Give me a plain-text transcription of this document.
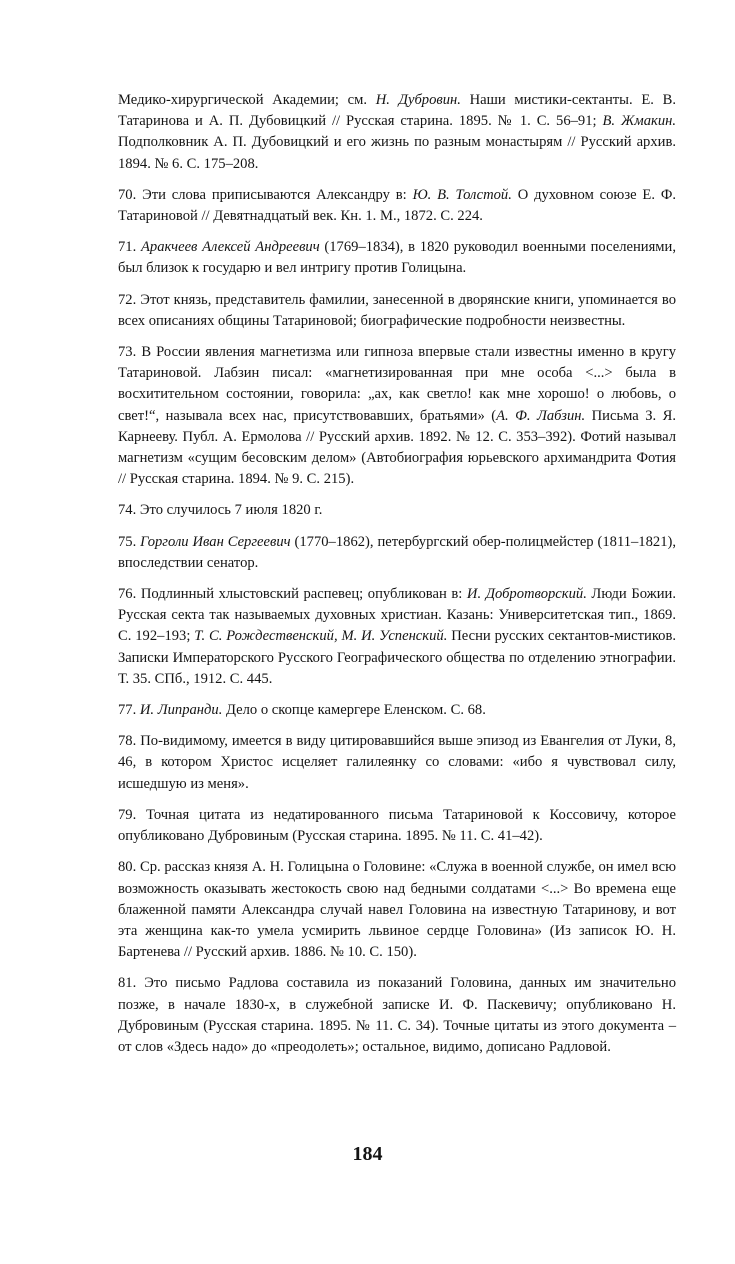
Медико-хирургической Академии; см. Н. Дубровин. Наши мистики-сектанты. Е. В. Татаринова и А. П. Дубовицкий // Русская старина. 1895. № 1. С. 56–91; В. Жмакин. Подполковник А. П. Дубовицкий и его жизнь по разным монастырям // Русский архив. 1894. № 6. С. 175–208.

70. Эти слова приписываются Александру в: Ю. В. Толстой. О духовном союзе Е. Ф. Татариновой // Девятнадцатый век. Кн. 1. М., 1872. С. 224.

71. Аракчеев Алексей Андреевич (1769–1834), в 1820 руководил военными поселениями, был близок к государю и вел интригу против Голицына.

72. Этот князь, представитель фамилии, занесенной в дворянские книги, упоминается во всех описаниях общины Татариновой; биографические подробности неизвестны.

73. В России явления магнетизма или гипноза впервые стали известны именно в кругу Татариновой. Лабзин писал: «магнетизированная при мне особа <...> была в восхитительном состоянии, говорила: „ах, как светло! как мне хорошо! о любовь, о свет!“, называла всех нас, присутствовавших, братьями» (А. Ф. Лабзин. Письма З. Я. Карнееву. Публ. А. Ермолова // Русский архив. 1892. № 12. С. 353–392). Фотий называл магнетизм «сущим бесовским делом» (Автобиография юрьевского архимандрита Фотия // Русская старина. 1894. № 9. С. 215).

74. Это случилось 7 июля 1820 г.

75. Горголи Иван Сергеевич (1770–1862), петербургский обер-полицмейстер (1811–1821), впоследствии сенатор.

76. Подлинный хлыстовский распевец; опубликован в: И. Добротворский. Люди Божии. Русская секта так называемых духовных христиан. Казань: Университетская тип., 1869. С. 192–193; Т. С. Рождественский, М. И. Успенский. Песни русских сектантов-мистиков. Записки Императорского Русского Географического общества по отделению этнографии. Т. 35. СПб., 1912. С. 445.

77. И. Липранди. Дело о скопце камергере Еленском. С. 68.

78. По-видимому, имеется в виду цитировавшийся выше эпизод из Евангелия от Луки, 8, 46, в котором Христос исцеляет галилеянку со словами: «ибо я чувствовал силу, исшедшую из меня».

79. Точная цитата из недатированного письма Татариновой к Коссовичу, которое опубликовано Дубровиным (Русская старина. 1895. № 11. С. 41–42).

80. Ср. рассказ князя А. Н. Голицына о Головине: «Служа в военной службе, он имел всю возможность оказывать жестокость свою над бедными солдатами <...> Во времена еще блаженной памяти Александра случай навел Головина на известную Татаринову, и вот эта женщина как-то умела усмирить львиное сердце Головина» (Из записок Ю. Н. Бартенева // Русский архив. 1886. № 10. С. 150).

81. Это письмо Радлова составила из показаний Головина, данных им значительно позже, в начале 1830-х, в служебной записке И. Ф. Паскевичу; опубликовано Н. Дубровиным (Русская старина. 1895. № 11. С. 34). Точные цитаты из этого документа – от слов «Здесь надо» до «преодолеть»; остальное, видимо, дописано Радловой.

184
